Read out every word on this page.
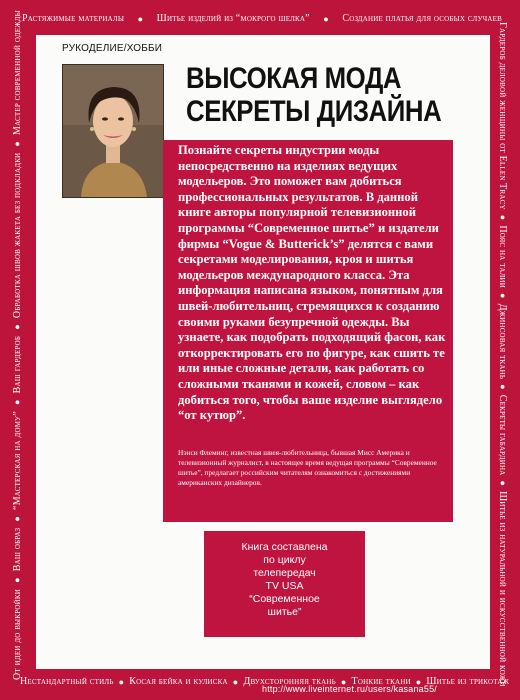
Растяжимые материалы ● Шитье изделий из “мокрого шелка” ● Создание платья для особых случаев
Нестандартный стиль ● Косая бейка и кулиска ● Двухсторонняя ткань ● Тонкие ткани ● Шитье из трикотаж
От идеи до выкройки
●
Ваш образ
●
“Мастерская на дому”
●
Ваш гардероб
●
Обработка швов жакета без подкладки
●
Мастер современной одежды	Гардероб деловой женщины от Ellen Tracy
●
Пояс на талии
●
Джинсовая ткань
●
Секреты габардина
●
Шитье из натуральной и искусственной кожи
РУКОДЕЛИЕ/ХОББИ
ВЫСОКАЯ МОДА
СЕКРЕТЫ ДИЗАЙНА
Познайте секреты индустрии моды непосредственно на изделиях ведущих модельеров. Это поможет вам добиться профессиональных результатов. В данной книге авторы популярной телевизионной программы “Современное шитье” и издатели фирмы “Vogue & Butterick’s” делятся с вами секретами моделирования, кроя и шитья модельеров международного класса. Эта информация написана языком, понятным для швей-любительниц, стремящихся к созданию своими руками безупречной одежды. Вы узнаете, как подобрать подходящий фасон, как откорректировать его по фигуре, как сшить те или иные сложные детали, как работать со сложными тканями и кожей, словом – как добиться того, чтобы ваше изделие выглядело “от кутюр”.
Нэнси Флеминг, известная швея-любительница, бывшая Мисс Америка и телевизионный журналист, в настоящее время ведущая программы “Современное шитье”, предлагает российским читателям ознакомиться с достижениями американских дизайнеров.
Книга составлена
по циклу
телепередач
TV USA
“Современное
шитье”
http://www.liveinternet.ru/users/kasana55/
